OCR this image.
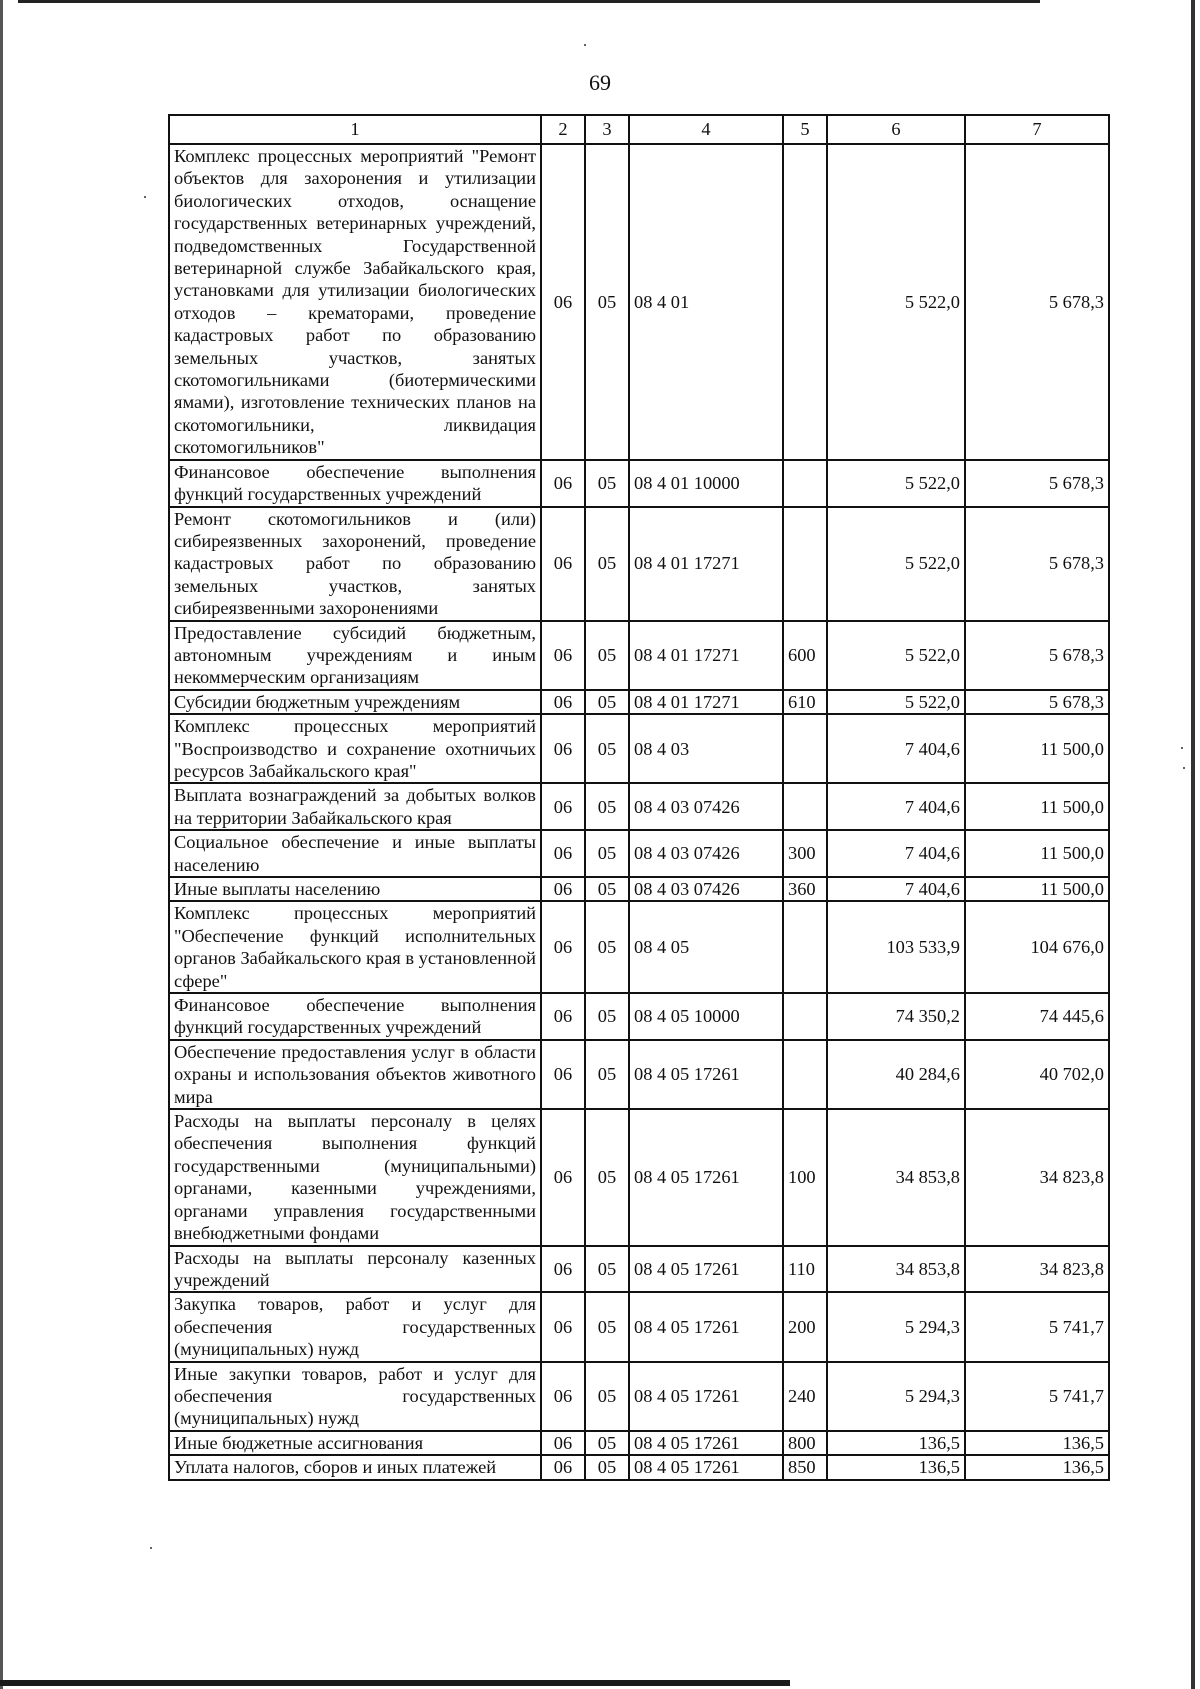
69
1	2	3	4	5	6	7
Комплекс процессных мероприятий "Ремонт объектов для захоронения и утилизации биологических отходов, оснащение государственных ветеринарных учреждений, подведомственных Государственной ветеринарной службе Забайкальского края, установками для утилизации биологических отходов – крематорами, проведение кадастровых работ по образованию земельных участков, занятых скотомогильниками (биотермическими ямами), изготовление технических планов на скотомогильники, ликвидация скотомогильников"	06	05	08 4 01		5 522,0	5 678,3
Финансовое обеспечение выполнения функций государственных учреждений	06	05	08 4 01 10000		5 522,0	5 678,3
Ремонт скотомогильников и (или) сибиреязвенных захоронений, проведение кадастровых работ по образованию земельных участков, занятых сибиреязвенными захоронениями	06	05	08 4 01 17271		5 522,0	5 678,3
Предоставление субсидий бюджетным, автономным учреждениям и иным некоммерческим организациям	06	05	08 4 01 17271	600	5 522,0	5 678,3
Субсидии бюджетным учреждениям	06	05	08 4 01 17271	610	5 522,0	5 678,3
Комплекс процессных мероприятий "Воспроизводство и сохранение охотничьих ресурсов Забайкальского края"	06	05	08 4 03		7 404,6	11 500,0
Выплата вознаграждений за добытых волков на территории Забайкальского края	06	05	08 4 03 07426		7 404,6	11 500,0
Социальное обеспечение и иные выплаты населению	06	05	08 4 03 07426	300	7 404,6	11 500,0
Иные выплаты населению	06	05	08 4 03 07426	360	7 404,6	11 500,0
Комплекс процессных мероприятий "Обеспечение функций исполнительных органов Забайкальского края в установленной сфере"	06	05	08 4 05		103 533,9	104 676,0
Финансовое обеспечение выполнения функций государственных учреждений	06	05	08 4 05 10000		74 350,2	74 445,6
Обеспечение предоставления услуг в области охраны и использования объектов животного мира	06	05	08 4 05 17261		40 284,6	40 702,0
Расходы на выплаты персоналу в целях обеспечения выполнения функций государственными (муниципальными) органами, казенными учреждениями, органами управления государственными внебюджетными фондами	06	05	08 4 05 17261	100	34 853,8	34 823,8
Расходы на выплаты персоналу казенных учреждений	06	05	08 4 05 17261	110	34 853,8	34 823,8
Закупка товаров, работ и услуг для обеспечения государственных (муниципальных) нужд	06	05	08 4 05 17261	200	5 294,3	5 741,7
Иные закупки товаров, работ и услуг для обеспечения государственных (муниципальных) нужд	06	05	08 4 05 17261	240	5 294,3	5 741,7
Иные бюджетные ассигнования	06	05	08 4 05 17261	800	136,5	136,5
Уплата налогов, сборов и иных платежей	06	05	08 4 05 17261	850	136,5	136,5
